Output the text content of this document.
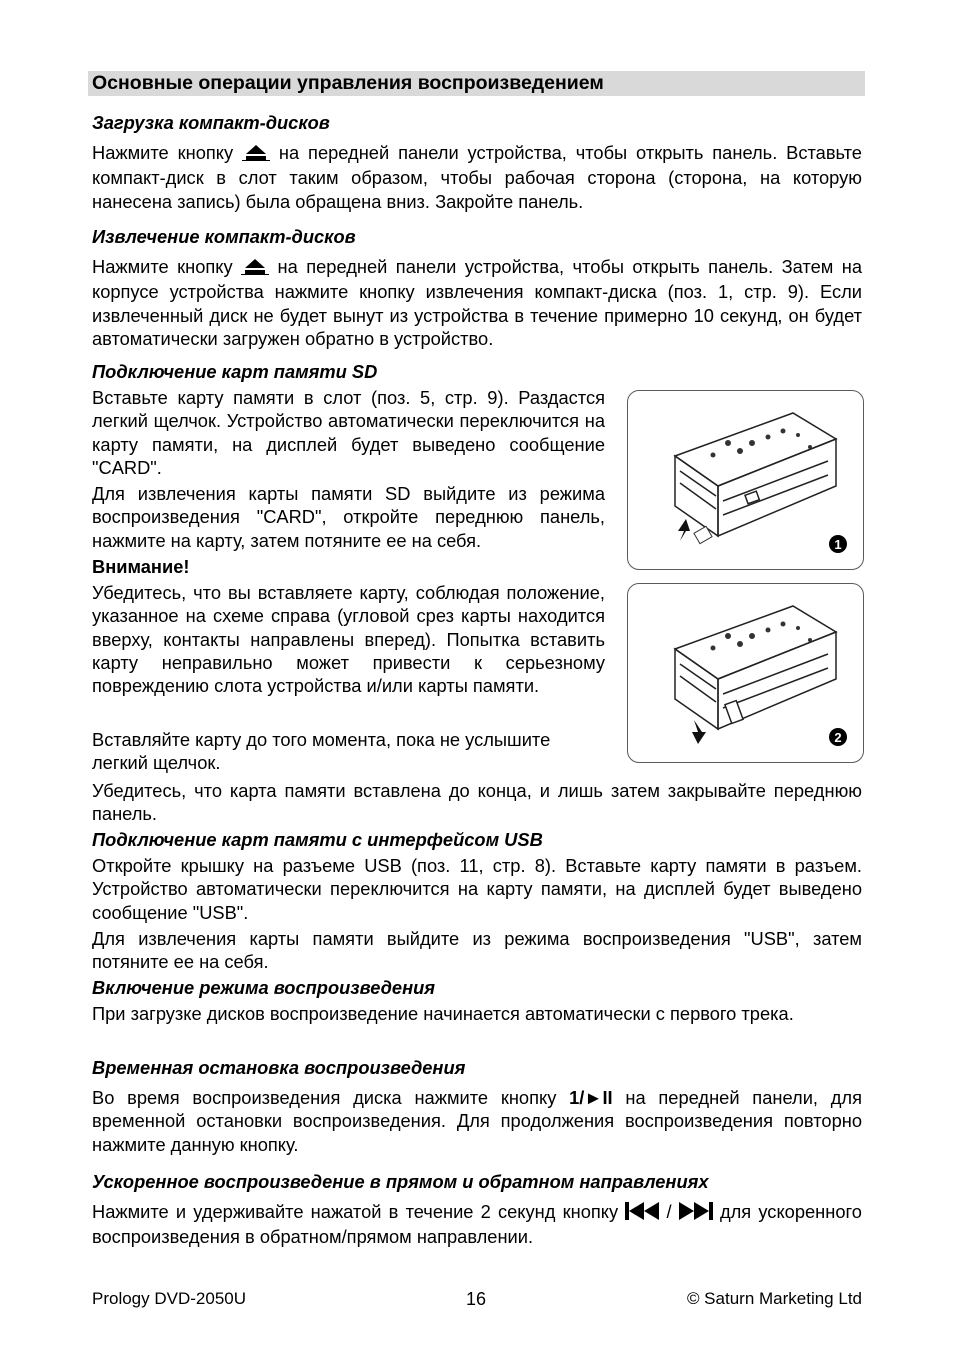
Основные операции управления воспроизведением
Загрузка компакт-дисков

Нажмите кнопку	на передней панели устройства, чтобы открыть панель. Вставьте компакт-диск в слот таким образом, чтобы рабочая сторона (сторона, на которую нанесена запись) была обращена вниз. Закройте панель.

Извлечение компакт-дисков

Нажмите кнопку на передней панели устройства, чтобы открыть панель. Затем на корпусе устройства нажмите кнопку извлечения компакт-диска (поз. 1, стр. 9). Если извлеченный диск не будет вынут из устройства в течение примерно 10 секунд, он будет автоматически загружен обратно в устройство.

Подключение карт памяти SD

Вставьте карту памяти в слот (поз. 5, стр. 9). Раздастся легкий щелчок. Устройство автоматически переключится на карту памяти, на дисплей будет выведено сообщение "CARD".

Для извлечения карты памяти SD выйдите из режима воспроизведения "CARD", откройте переднюю панель, нажмите на карту, затем потяните ее на себя.

Внимание!

Убедитесь, что вы вставляете карту, соблюдая положение, указанное на схеме справа (угловой срез карты находится вверху, контакты направлены вперед). Попытка вставить карту неправильно может привести к серьезному повреждению слота устройства и/или карты памяти.

Вставляйте карту до того момента, пока не услышите легкий щелчок.

Убедитесь, что карта памяти вставлена до конца, и лишь затем закрывайте переднюю панель.

1
2
Подключение карт памяти с интерфейсом USB

Откройте крышку на разъеме USB (поз. 11, стр. 8). Вставьте карту памяти в разъем. Устройство автоматически переключится на карту памяти, на дисплей будет выведено сообщение "USB".

Для извлечения карты памяти выйдите из режима воспроизведения "USB", затем потяните ее на себя.

Включение режима воспроизведения

При загрузке дисков воспроизведение начинается автоматически с первого трека.

Временная остановка воспроизведения

Во время воспроизведения диска нажмите кнопку 1/►II на передней панели, для временной остановки воспроизведения. Для продолжения воспроизведения повторно нажмите данную кнопку.

Ускоренное воспроизведение в прямом и обратном направлениях

Нажмите и удерживайте нажатой в течение 2 секунд кнопку	/	для ускоренного воспроизведения в обратном/прямом направлении.

Prology DVD-2050U	16	© Saturn Marketing Ltd
